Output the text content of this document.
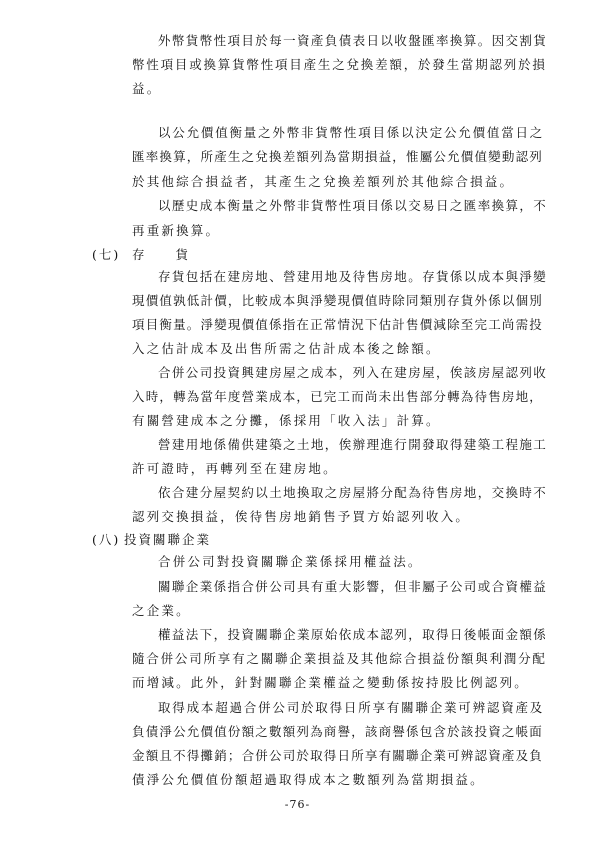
外幣貨幣性項目於每一資產負債表日以收盤匯率換算。因交割貨
幣性項目或換算貨幣性項目產生之兌換差額，於發生當期認列於損
益。
以公允價值衡量之外幣非貨幣性項目係以決定公允價值當日之
匯率換算，所產生之兌換差額列為當期損益，惟屬公允價值變動認列
於其他綜合損益者，其產生之兌換差額列於其他綜合損益。
以歷史成本衡量之外幣非貨幣性項目係以交易日之匯率換算，不
再重新換算。
(七) 存　　貨
存貨包括在建房地、營建用地及待售房地。存貨係以成本與淨變
現價值孰低計價，比較成本與淨變現價值時除同類別存貨外係以個別
項目衡量。淨變現價值係指在正常情況下估計售價減除至完工尚需投
入之估計成本及出售所需之估計成本後之餘額。
合併公司投資興建房屋之成本，列入在建房屋，俟該房屋認列收
入時，轉為當年度營業成本，已完工而尚未出售部分轉為待售房地，
有關營建成本之分攤，係採用「收入法」計算。
營建用地係備供建築之土地，俟辦理進行開發取得建築工程施工
許可證時，再轉列至在建房地。
依合建分屋契約以土地換取之房屋將分配為待售房地，交換時不
認列交換損益，俟待售房地銷售予買方始認列收入。
(八) 投資關聯企業
合併公司對投資關聯企業係採用權益法。
關聯企業係指合併公司具有重大影響，但非屬子公司或合資權益
之企業。
權益法下，投資關聯企業原始依成本認列，取得日後帳面金額係
隨合併公司所享有之關聯企業損益及其他綜合損益份額與利潤分配
而增減。此外，針對關聯企業權益之變動係按持股比例認列。
取得成本超過合併公司於取得日所享有關聯企業可辨認資產及
負債淨公允價值份額之數額列為商譽，該商譽係包含於該投資之帳面
金額且不得攤銷；合併公司於取得日所享有關聯企業可辨認資產及負
債淨公允價值份額超過取得成本之數額列為當期損益。
-76-
